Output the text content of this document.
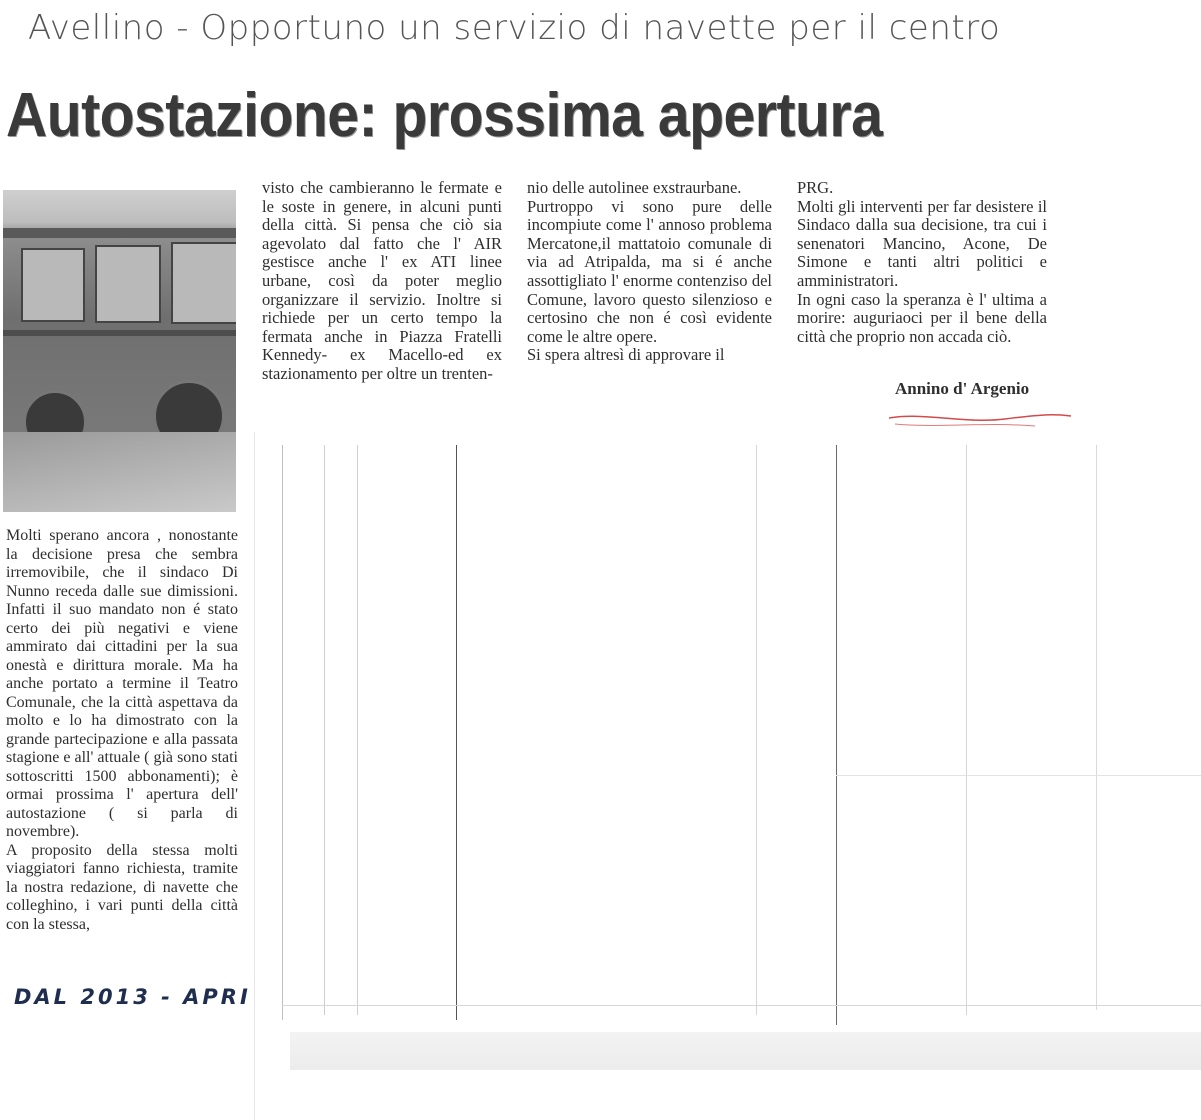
Avellino - Opportuno un servizio di navette per il centro
Autostazione: prossima apertura

visto che cambieranno le fermate e le soste in genere, in alcuni punti della città. Si pensa che ciò sia agevolato dal fatto che l' AIR gestisce anche l' ex ATI linee urbane, così da poter meglio organizzare il servizio. Inoltre si richiede per un certo tempo la fermata anche in Piazza Fratelli Kennedy- ex Macello-ed ex stazionamento per oltre un trenten-

nio delle autolinee exstraurbane.

Purtroppo vi sono pure delle incompiute come l' annoso problema Mercatone,il mattatoio comunale di via ad Atripalda, ma si é anche assottigliato l' enorme contenziso del Comune, lavoro questo silenzioso e certosino che non é così evidente come le altre opere.

Si spera altresì di approvare il

PRG.

Molti gli interventi per far desistere il Sindaco dalla sua decisione, tra cui i senenatori Mancino, Acone, De Simone e tanti altri politici e amministratori.

In ogni caso la speranza è l' ultima a morire: auguriaoci per il bene della città che proprio non accada ciò.

Annino d' Argenio

Molti sperano ancora , nonostante la decisione presa che sembra irremovibile, che il sindaco Di Nunno receda dalle sue dimissioni. Infatti il suo mandato non é stato certo dei più negativi e viene ammirato dai cittadini per la sua onestà e dirittura morale. Ma ha anche portato a termine il Teatro Comunale, che la città aspettava da molto e lo ha dimostrato con la grande partecipazione e alla passata stagione e all' attuale ( già sono stati sottoscritti 1500 abbonamenti); è ormai prossima l' apertura dell' autostazione ( si parla di novembre).

A proposito della stessa molti viaggiatori fanno richiesta, tramite la nostra redazione, di navette che colleghino, i vari punti della città con la stessa,

DAL 2013 - APRI
